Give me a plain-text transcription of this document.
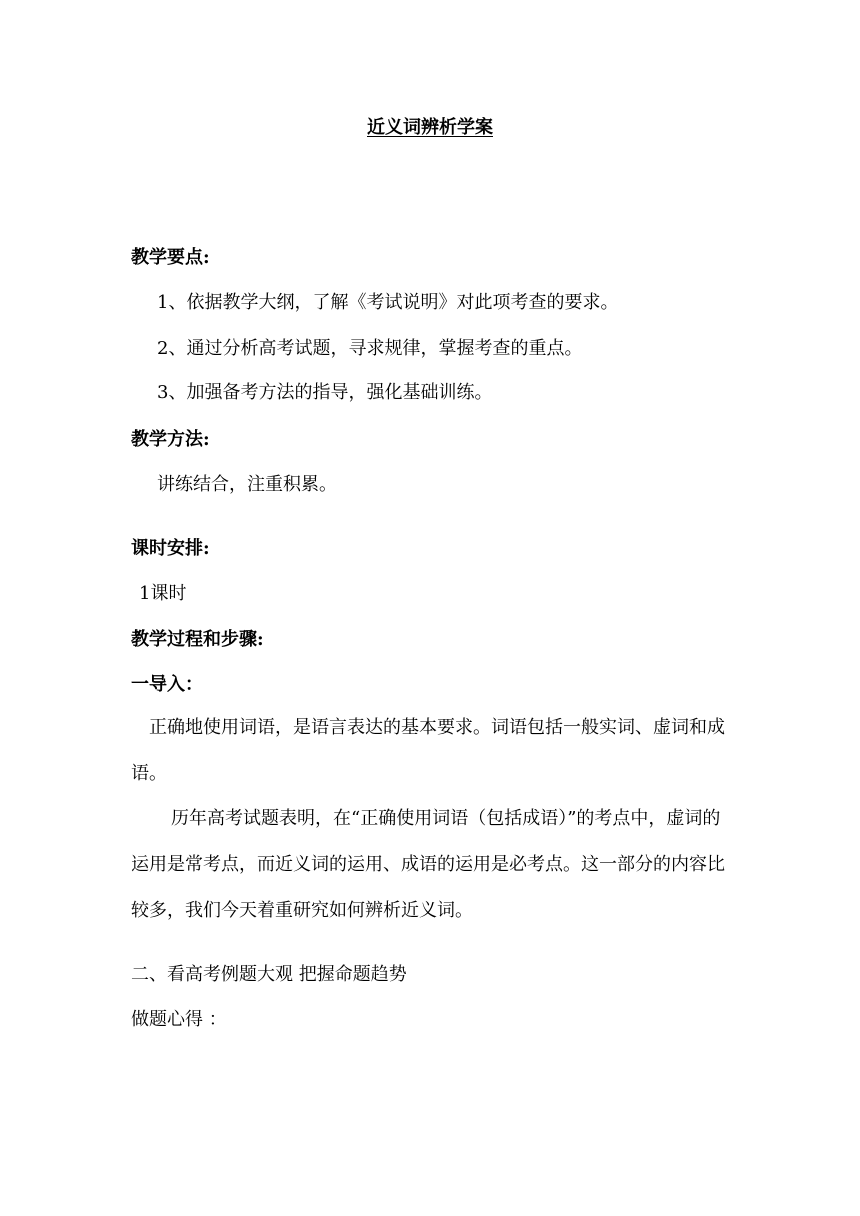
近义词辨析学案
教学要点:
1、依据教学大纲，了解《考试说明》对此项考查的要求。
2、通过分析高考试题，寻求规律，掌握考查的重点。
3、加强备考方法的指导，强化基础训练。
教学方法:
讲练结合，注重积累。
课时安排:
1课时
教学过程和步骤:
一导入：
正确地使用词语，是语言表达的基本要求。词语包括一般实词、虚词和成语。
历年高考试题表明，在“正确使用词语（包括成语）”的考点中，虚词的运用是常考点，而近义词的运用、成语的运用是必考点。这一部分的内容比较多，我们今天着重研究如何辨析近义词。
二、看高考例题大观 把握命题趋势
做题心得 ：
